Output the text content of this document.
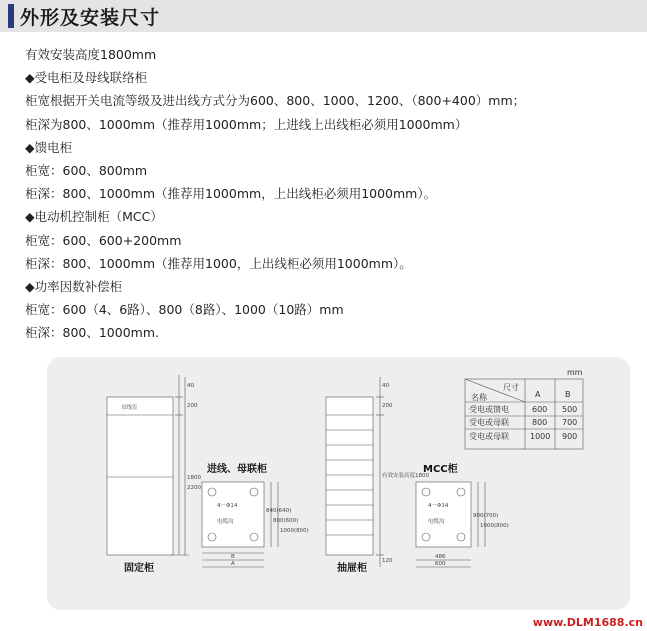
外形及安装尺寸
有效安装高度1800mm
◆受电柜及母线联络柜
柜宽根据开关电流等级及进出线方式分为600、800、1000、1200、（800+400）mm；
柜深为800、1000mm（推荐用1000mm；上进线上出线柜必须用1000mm）
◆馈电柜
柜宽：600、800mm
柜深：800、1000mm（推荐用1000mm，上出线柜必须用1000mm）。
◆电动机控制柜（MCC）
柜宽：600、600+200mm
柜深：800、1000mm（推荐用1000，上出线柜必须用1000mm）。
◆功率因数补偿柜
柜宽：600（4、6路）、800（8路）、1000（10路）mm
柜深：800、1000mm.
母线室
40
200
1800
2200
固定柜
4－Φ14
电缆沟
B
A
840(640)
800(600)
1000(800)
进线、母联柜
40
200
有效安装高度1800
120
抽屉柜
4－Φ14
电缆沟
486
600
900(700)
1000(800)
MCC柜
mm
尺寸
名称	A	B
受电或馈电	600 500
受电或母联	800 700
受电或母联	1000 900
www.DLM1688.cn
